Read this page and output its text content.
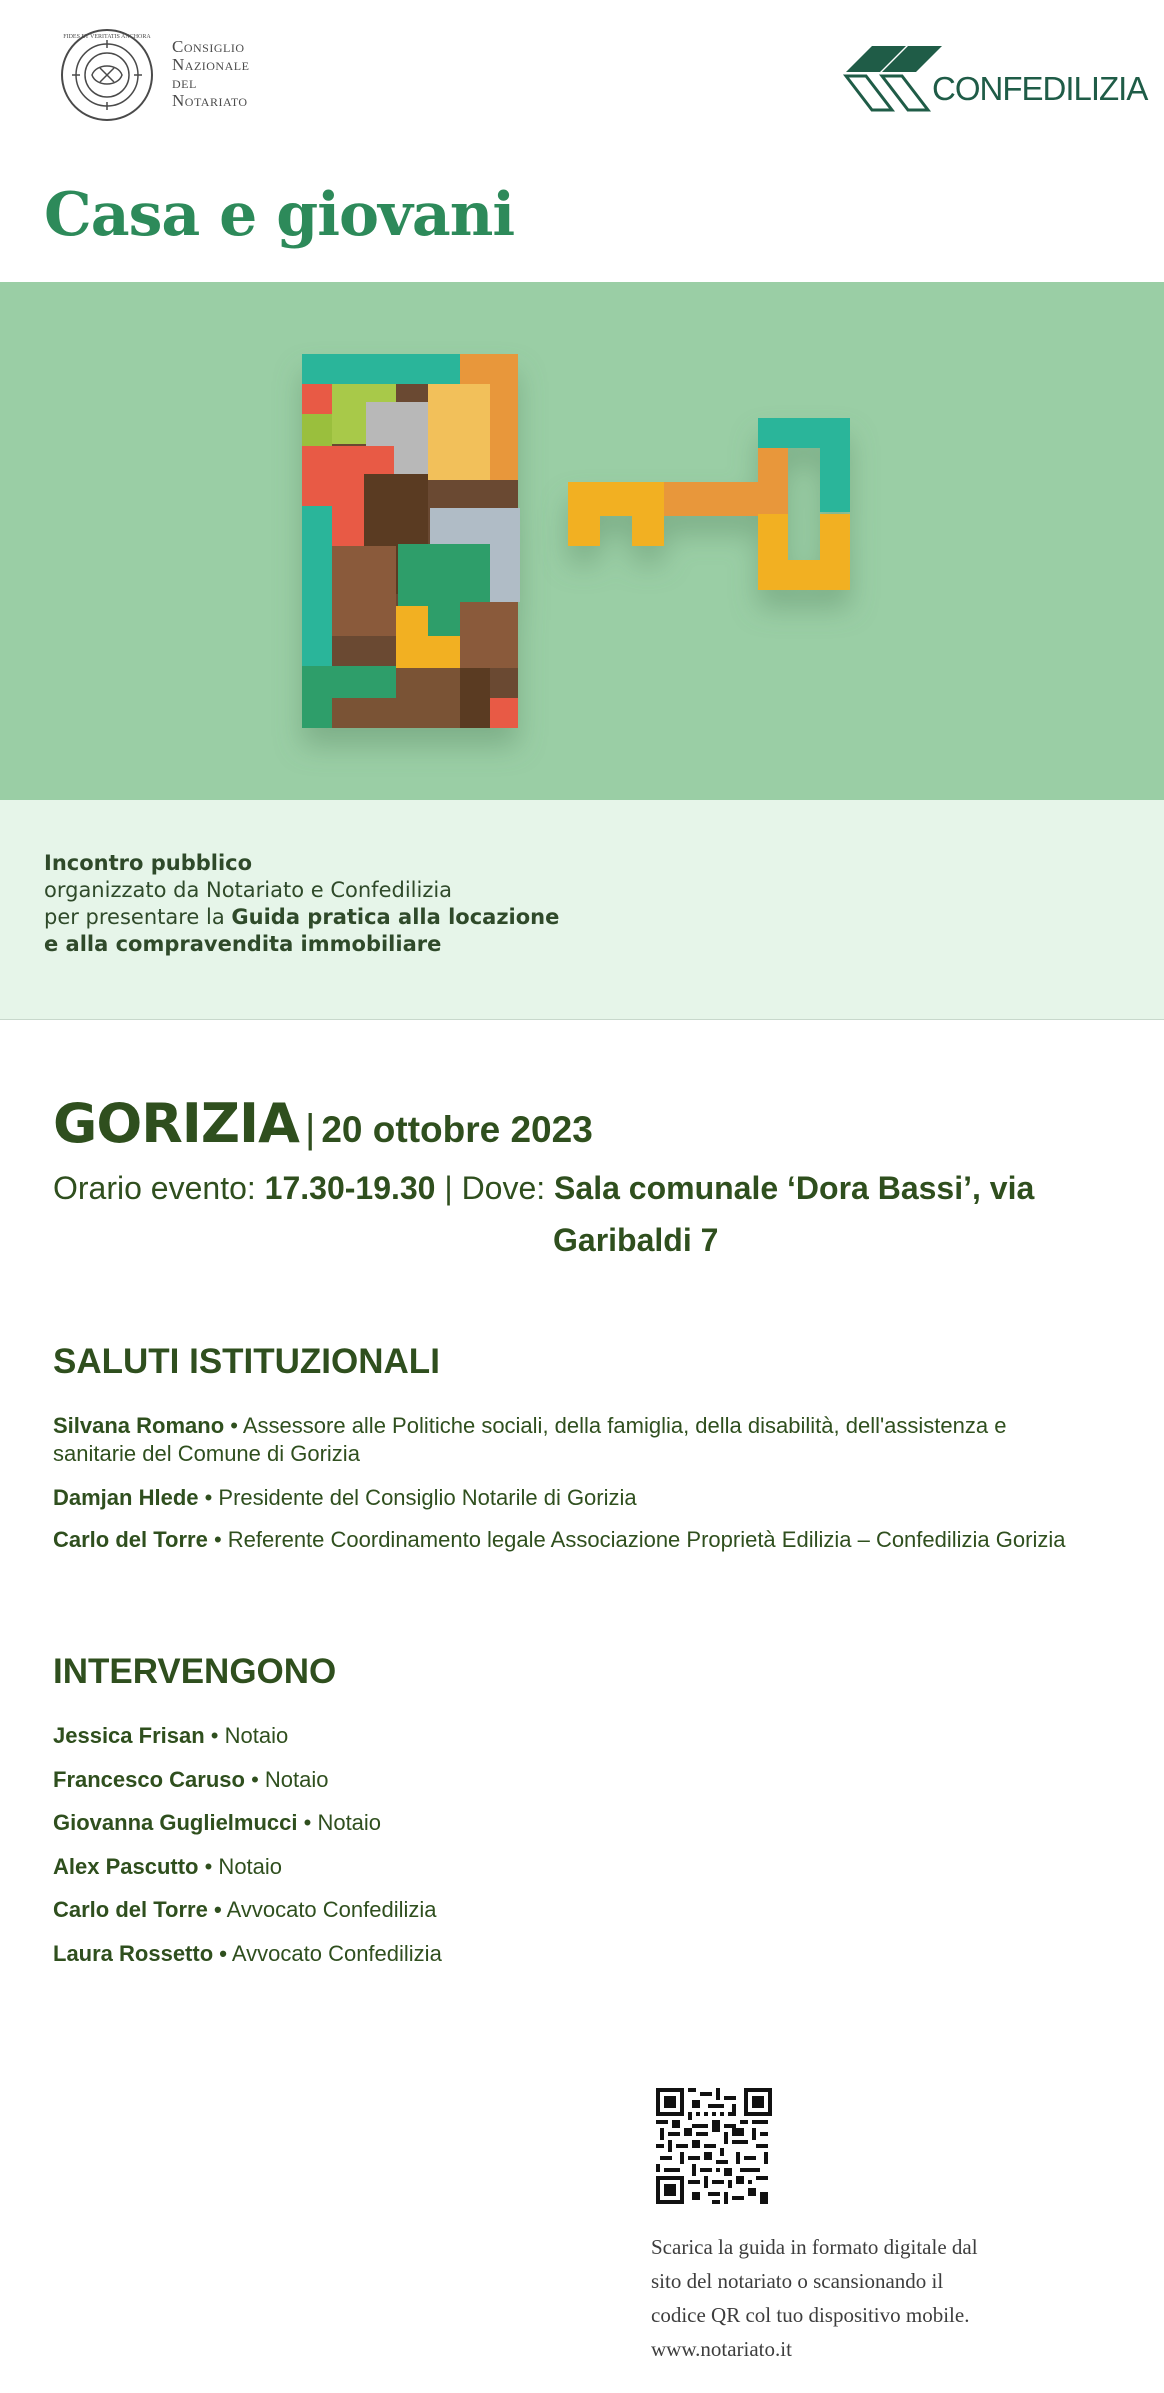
FIDES ET VERITATIS ANCHORA Consiglio
Nazionale
del
Notariato	CONFEDILIZIA
Casa e giovani
Incontro pubblico
organizzato da Notariato e Confedilizia
per presentare la Guida pratica alla locazione
e alla compravendita immobiliare
GORIZIA | 20 ottobre 2023
Orario evento: 17.30-19.30 | Dove: Sala comunale ‘Dora Bassi’, via
Garibaldi 7
SALUTI ISTITUZIONALI
Silvana Romano • Assessore alle Politiche sociali, della famiglia, della disabilità, dell'assistenza e
sanitarie del Comune di Gorizia
Damjan Hlede • Presidente del Consiglio Notarile di Gorizia
Carlo del Torre • Referente Coordinamento legale Associazione Proprietà Edilizia – Confedilizia Gorizia
INTERVENGONO
Jessica Frisan • Notaio
Francesco Caruso • Notaio
Giovanna Guglielmucci • Notaio
Alex Pascutto • Notaio
Carlo del Torre • Avvocato Confedilizia
Laura Rossetto • Avvocato Confedilizia
Scarica la guida in formato digitale dal
sito del notariato o scansionando il
codice QR col tuo dispositivo mobile.
www.notariato.it
